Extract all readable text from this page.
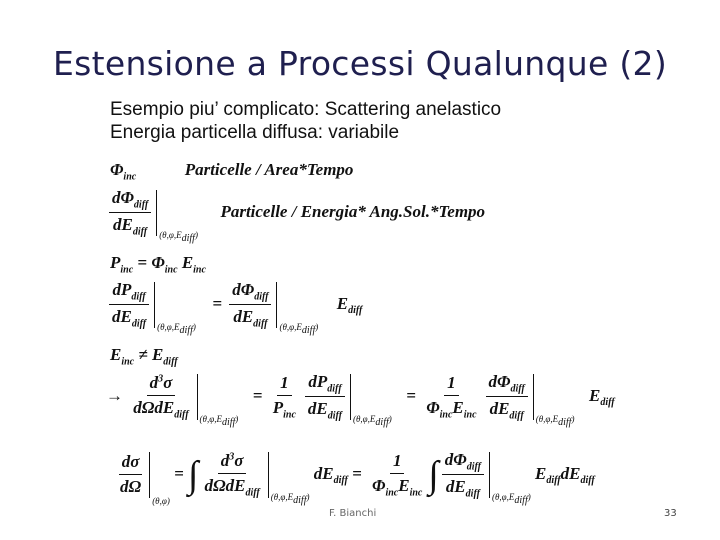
Estensione a Processi Qualunque (2)
Esempio piu’ complicato: Scattering anelastico
Energia particella diffusa: variabile
$\Phi_{inc}$	Particelle / Area*Tempo
$\frac{d\Phi_{diff}}{dE_{diff}} (\theta,\varphi,E_{diff})$  Particelle / Energia* Ang.Sol.*Tempo
$P_{inc} = \Phi_{inc}$ $E_{inc}$
$\frac{dP_{diff}}{dE_{diff}} (\theta,\varphi,E_{diff}) = \frac{d\Phi_{diff}}{dE_{diff}} (\theta,\varphi,E_{diff})$  $E_{diff}$
$E_{inc} \ne E_{diff}$
→ $\frac{d^3\sigma}{d\Omega dE_{diff}} (\theta,\varphi,E_{diff}) = \frac{1}{P_{inc}} \frac{dP_{diff}}{dE_{diff}} (\theta,\varphi,E_{diff}) = \frac{1}{\Phi_{inc}E_{inc}} \frac{d\Phi_{diff}}{dE_{diff}} (\theta,\varphi,E_{diff})$  $E_{diff}$
$\frac{d\sigma}{d\Omega}$
(θ,φ) = ∫ $\frac{d^3\sigma}{d\Omega dE_{diff}} (\theta,\varphi,E_{diff}) dE_{diff} = \frac{1}{\Phi_{inc}E_{inc}}$ ∫ $\frac{d\Phi_{diff}}{dE_{diff}} (\theta,\varphi,E_{diff})$ $E_{diff}dE_{diff}$
F. Bianchi	33
